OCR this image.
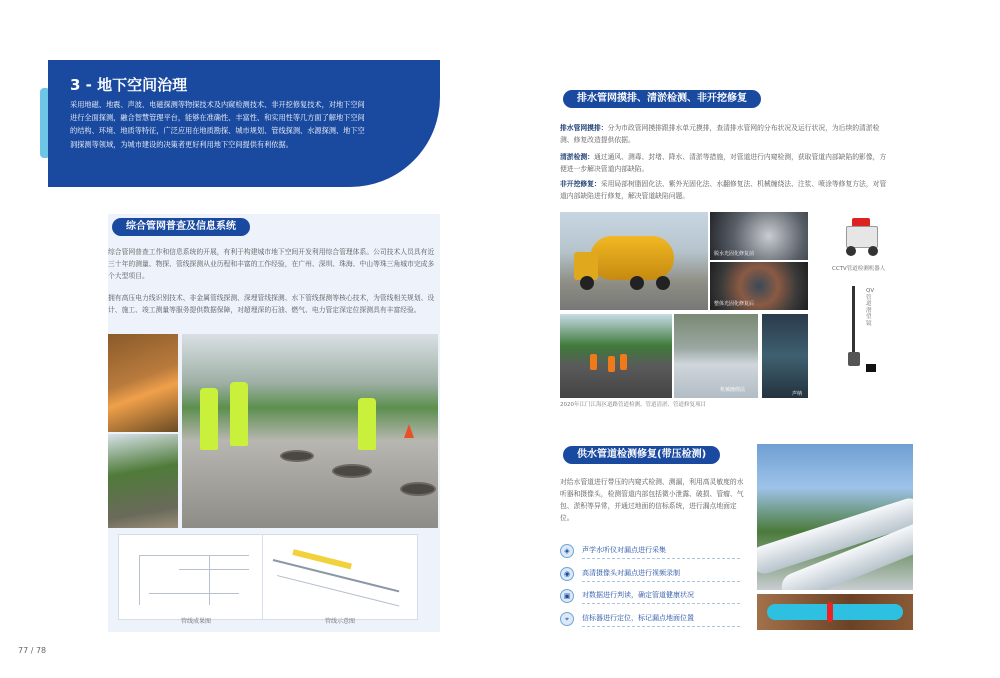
3 - 地下空间治理
采用地磁、地震、声波、电磁探测等物探技术及内窥检测技术、非开挖修复技术，对地下空间进行全面探测，融合智慧管理平台，能够在准确性、丰富性、和实用性等几方面了解地下空间的结构、环境、地质等特征，广泛应用在地质勘探、城市规划、管线探测、水源探测、地下空洞探测等领域，为城市建设的决策者更好利用地下空间提供有利依据。
综合管网普查及信息系统
综合管网普查工作和信息系统的开展，有利于构建城市地下空间开发利用综合管理体系。公司技术人员具有近三十年的测量、物探、管线探测从业历程和丰富的工作经验，在广州、深圳、珠海、中山等珠三角城市完成多个大型项目。
拥有高压电力线识别技术、非金属管线探测、深埋管线探测、水下管线探测等核心技术，为管线相关规划、设计、施工、竣工测量等服务提供数据保障，对超埋深的石油、燃气、电力管定深定位探测具有丰富经验。
管线成果图	管线示意图
77 / 78
排水管网摸排、清淤检测、非开挖修复
排水管网摸排：分为市政管网摸排跟排水单元摸排，查清排水管网的分布状况及运行状况，为后续的清淤检测、修复改造提供依据。
清淤检测：通过通风、测毒、封堵、降水、清淤等措施，对管道进行内窥检测，获取管道内部缺陷的影像，方便进一步解决管道内部缺陷。
非开挖修复：采用局部树脂固化法、紫外光固化法、水翻修复法、机械缠绕法、注浆、喷涂等修复方法，对管道内部缺陷进行修复，解决管道缺陷问题。
脱水光固化修复前
整体光固化修复后
CCTV管道检测机器人
QV管道潜望镜
机械缠绕法
声纳
2020年江门江海区道路管道检测、管道清淤、管道修复项目
供水管道检测修复(带压检测)
对给水管道进行带压的内窥式检测、测漏，利用高灵敏度的水听器和摄像头，检测管道内部包括微小泄露、破损、管瘤、气包、淤积等异常，并通过地面的信标系统，进行漏点地面定位。
◈	声学水听仪对漏点进行采集
◉	高清摄像头对漏点进行视频录制
▣	对数据进行判读，确定管道健康状况
⌖	信标器进行定位，标记漏点地面位置
